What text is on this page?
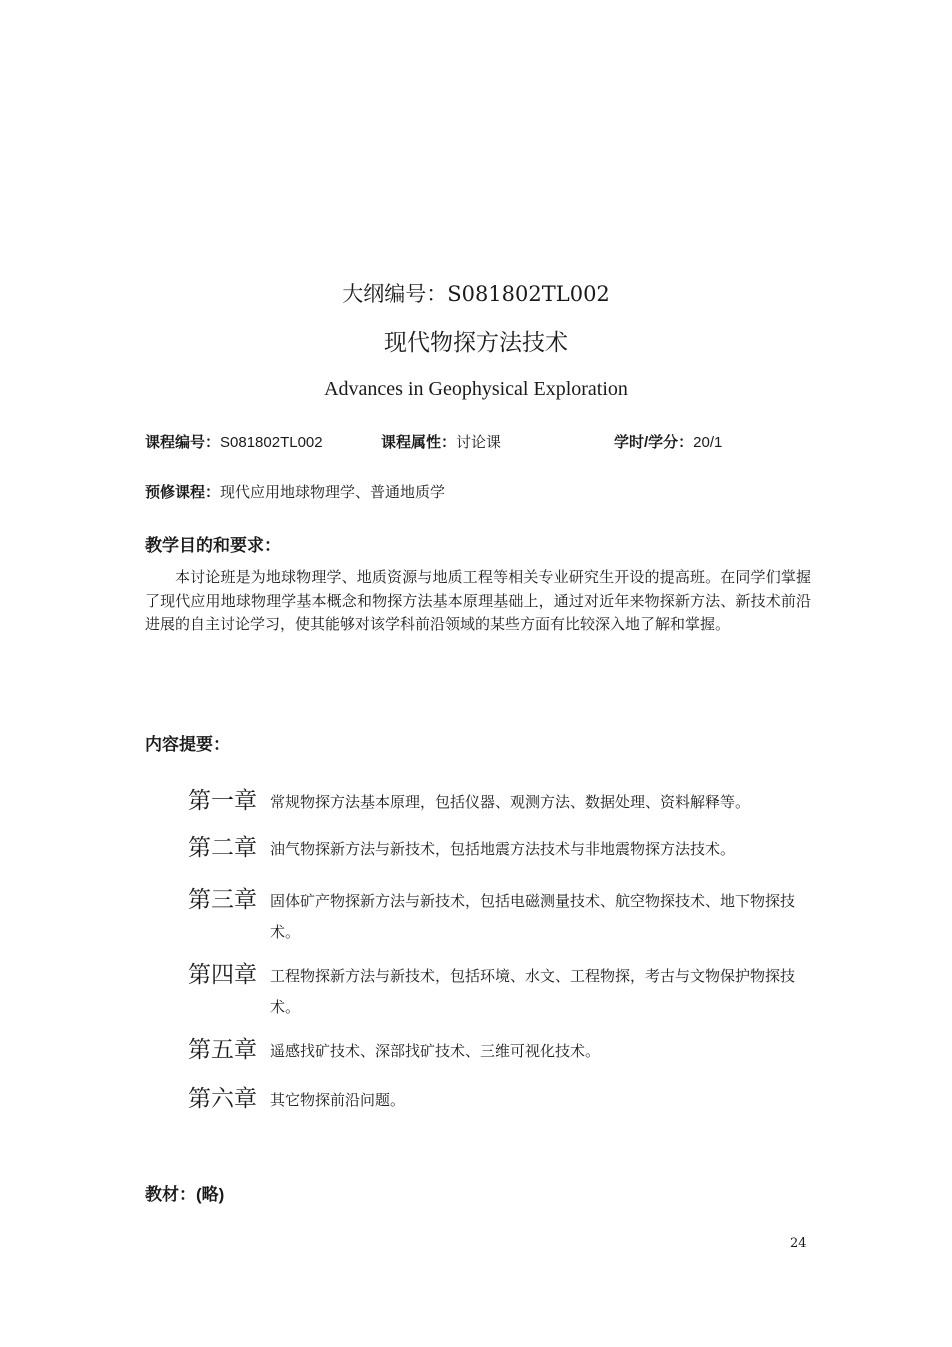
大纲编号：S081802TL002
现代物探方法技术
Advances in Geophysical Exploration
课程编号：S081802TL002	课程属性：讨论课	学时/学分：20/1
预修课程：现代应用地球物理学、普通地质学
教学目的和要求：
本讨论班是为地球物理学、地质资源与地质工程等相关专业研究生开设的提高班。在同学们掌握了现代应用地球物理学基本概念和物探方法基本原理基础上，通过对近年来物探新方法、新技术前沿进展的自主讨论学习，使其能够对该学科前沿领域的某些方面有比较深入地了解和掌握。
内容提要：
第一章 常规物探方法基本原理，包括仪器、观测方法、数据处理、资料解释等。
第二章 油气物探新方法与新技术，包括地震方法技术与非地震物探方法技术。
第三章 固体矿产物探新方法与新技术，包括电磁测量技术、航空物探技术、地下物探技术。
第四章 工程物探新方法与新技术，包括环境、水文、工程物探，考古与文物保护物探技术。
第五章 遥感找矿技术、深部找矿技术、三维可视化技术。
第六章 其它物探前沿问题。
教材：(略)
24
